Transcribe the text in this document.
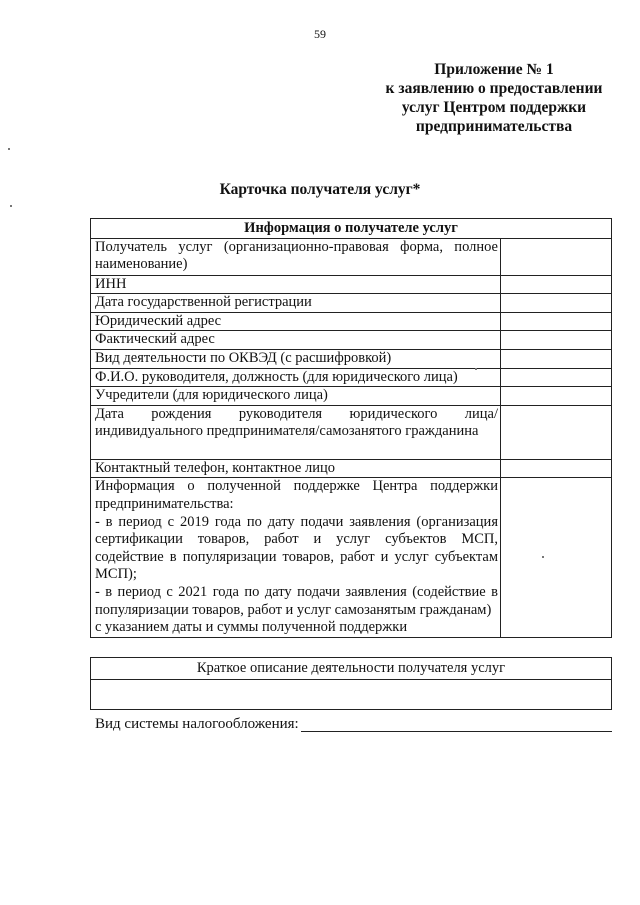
59
Приложение № 1
к заявлению о предоставлении
услуг Центром поддержки
предпринимательства
Карточка получателя услуг*
Информация о получателе услуг	
Получатель услуг (организационно-правовая форма, полное наименование)	
ИНН	
Дата государственной регистрации	
Юридический адрес	
Фактический адрес	
Вид деятельности по ОКВЭД (с расшифровкой)	
Ф.И.О. руководителя, должность (для юридического лица)	
Учредители (для юридического лица)	
Дата рождения руководителя юридического лица/индивидуального предпринимателя/самозанятого гражданина	
Контактный телефон, контактное лицо	

Информация о полученной поддержке Центра поддержки предпринимательства:
- в период с 2019 года по дату подачи заявления (организация сертификации товаров, работ и услуг субъектов МСП, содействие в популяризации товаров, работ и услуг субъектам МСП);
- в период с 2021 года по дату подачи заявления (содействие в популяризации товаров, работ и услуг самозанятым гражданам)
с указанием даты и суммы полученной поддержки	

Краткое описание деятельности получателя услуг

Вид системы налогообложения:
